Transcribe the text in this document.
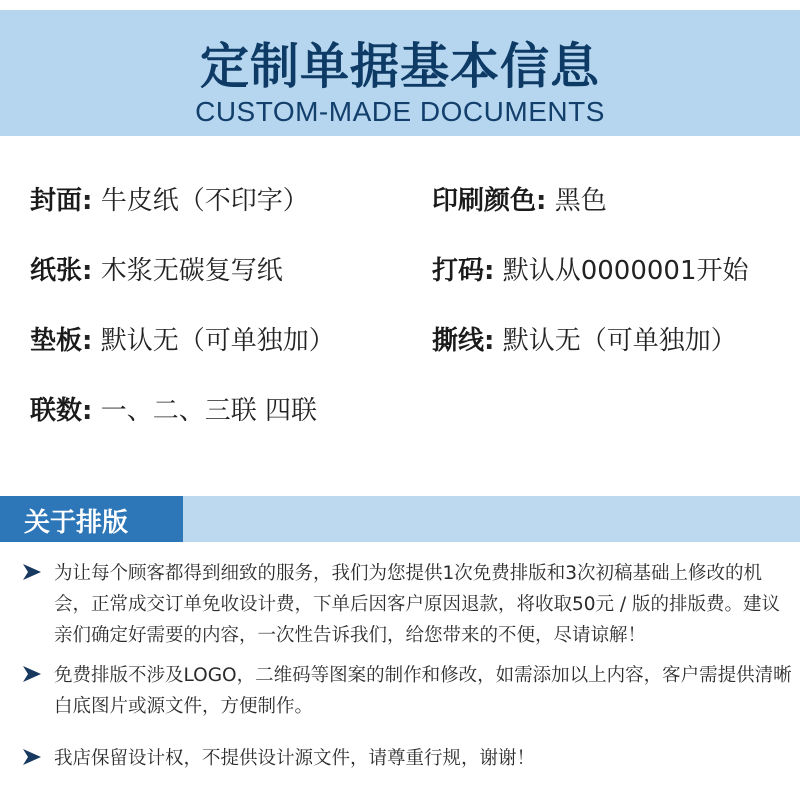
定制单据基本信息
CUSTOM-MADE DOCUMENTS
封面: 牛皮纸（不印字）	印刷颜色: 黑色
纸张: 木浆无碳复写纸	打码: 默认从0000001开始
垫板: 默认无（可单独加）	撕线: 默认无（可单独加）
联数: 一、二、三联 四联
关于排版
为让每个顾客都得到细致的服务，我们为您提供1次免费排版和3次初稿基础上修改的机会，正常成交订单免收设计费，下单后因客户原因退款，将收取50元 / 版的排版费。建议亲们确定好需要的内容，一次性告诉我们，给您带来的不便，尽请谅解！
免费排版不涉及LOGO，二维码等图案的制作和修改，如需添加以上内容，客户需提供清晰白底图片或源文件，方便制作。
我店保留设计权，不提供设计源文件，请尊重行规，谢谢！
